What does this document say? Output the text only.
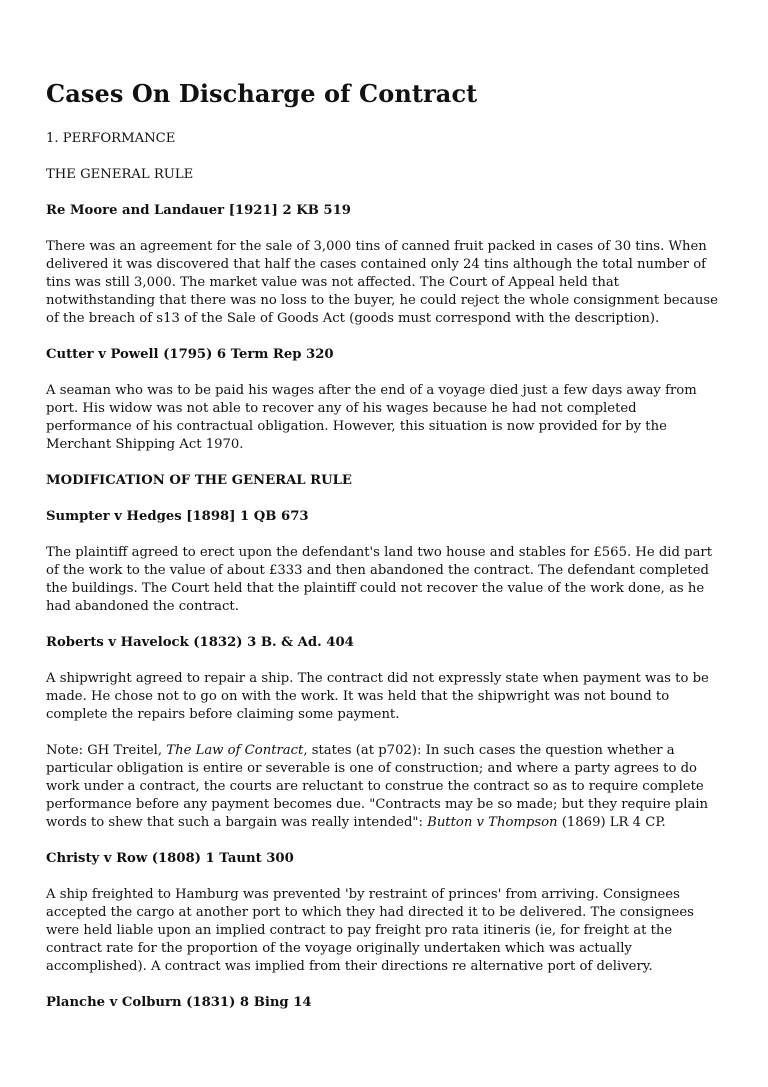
Cases On Discharge of Contract
1. PERFORMANCE
THE GENERAL RULE
Re Moore and Landauer [1921] 2 KB 519
There was an agreement for the sale of 3,000 tins of canned fruit packed in cases of 30 tins. When delivered it was discovered that half the cases contained only 24 tins although the total number of tins was still 3,000. The market value was not affected. The Court of Appeal held that notwithstanding that there was no loss to the buyer, he could reject the whole consignment because of the breach of s13 of the Sale of Goods Act (goods must correspond with the description).
Cutter v Powell (1795) 6 Term Rep 320
A seaman who was to be paid his wages after the end of a voyage died just a few days away from port. His widow was not able to recover any of his wages because he had not completed performance of his contractual obligation. However, this situation is now provided for by the Merchant Shipping Act 1970.
MODIFICATION OF THE GENERAL RULE
Sumpter v Hedges [1898] 1 QB 673
The plaintiff agreed to erect upon the defendant's land two house and stables for £565. He did part of the work to the value of about £333 and then abandoned the contract. The defendant completed the buildings. The Court held that the plaintiff could not recover the value of the work done, as he had abandoned the contract.
Roberts v Havelock (1832) 3 B. & Ad. 404
A shipwright agreed to repair a ship. The contract did not expressly state when payment was to be made. He chose not to go on with the work. It was held that the shipwright was not bound to complete the repairs before claiming some payment.
Note: GH Treitel, The Law of Contract, states (at p702): In such cases the question whether a particular obligation is entire or severable is one of construction; and where a party agrees to do work under a contract, the courts are reluctant to construe the contract so as to require complete performance before any payment becomes due. "Contracts may be so made; but they require plain words to shew that such a bargain was really intended": Button v Thompson (1869) LR 4 CP.
Christy v Row (1808) 1 Taunt 300
A ship freighted to Hamburg was prevented 'by restraint of princes' from arriving. Consignees accepted the cargo at another port to which they had directed it to be delivered. The consignees were held liable upon an implied contract to pay freight pro rata itineris (ie, for freight at the contract rate for the proportion of the voyage originally undertaken which was actually accomplished). A contract was implied from their directions re alternative port of delivery.
Planche v Colburn (1831) 8 Bing 14
